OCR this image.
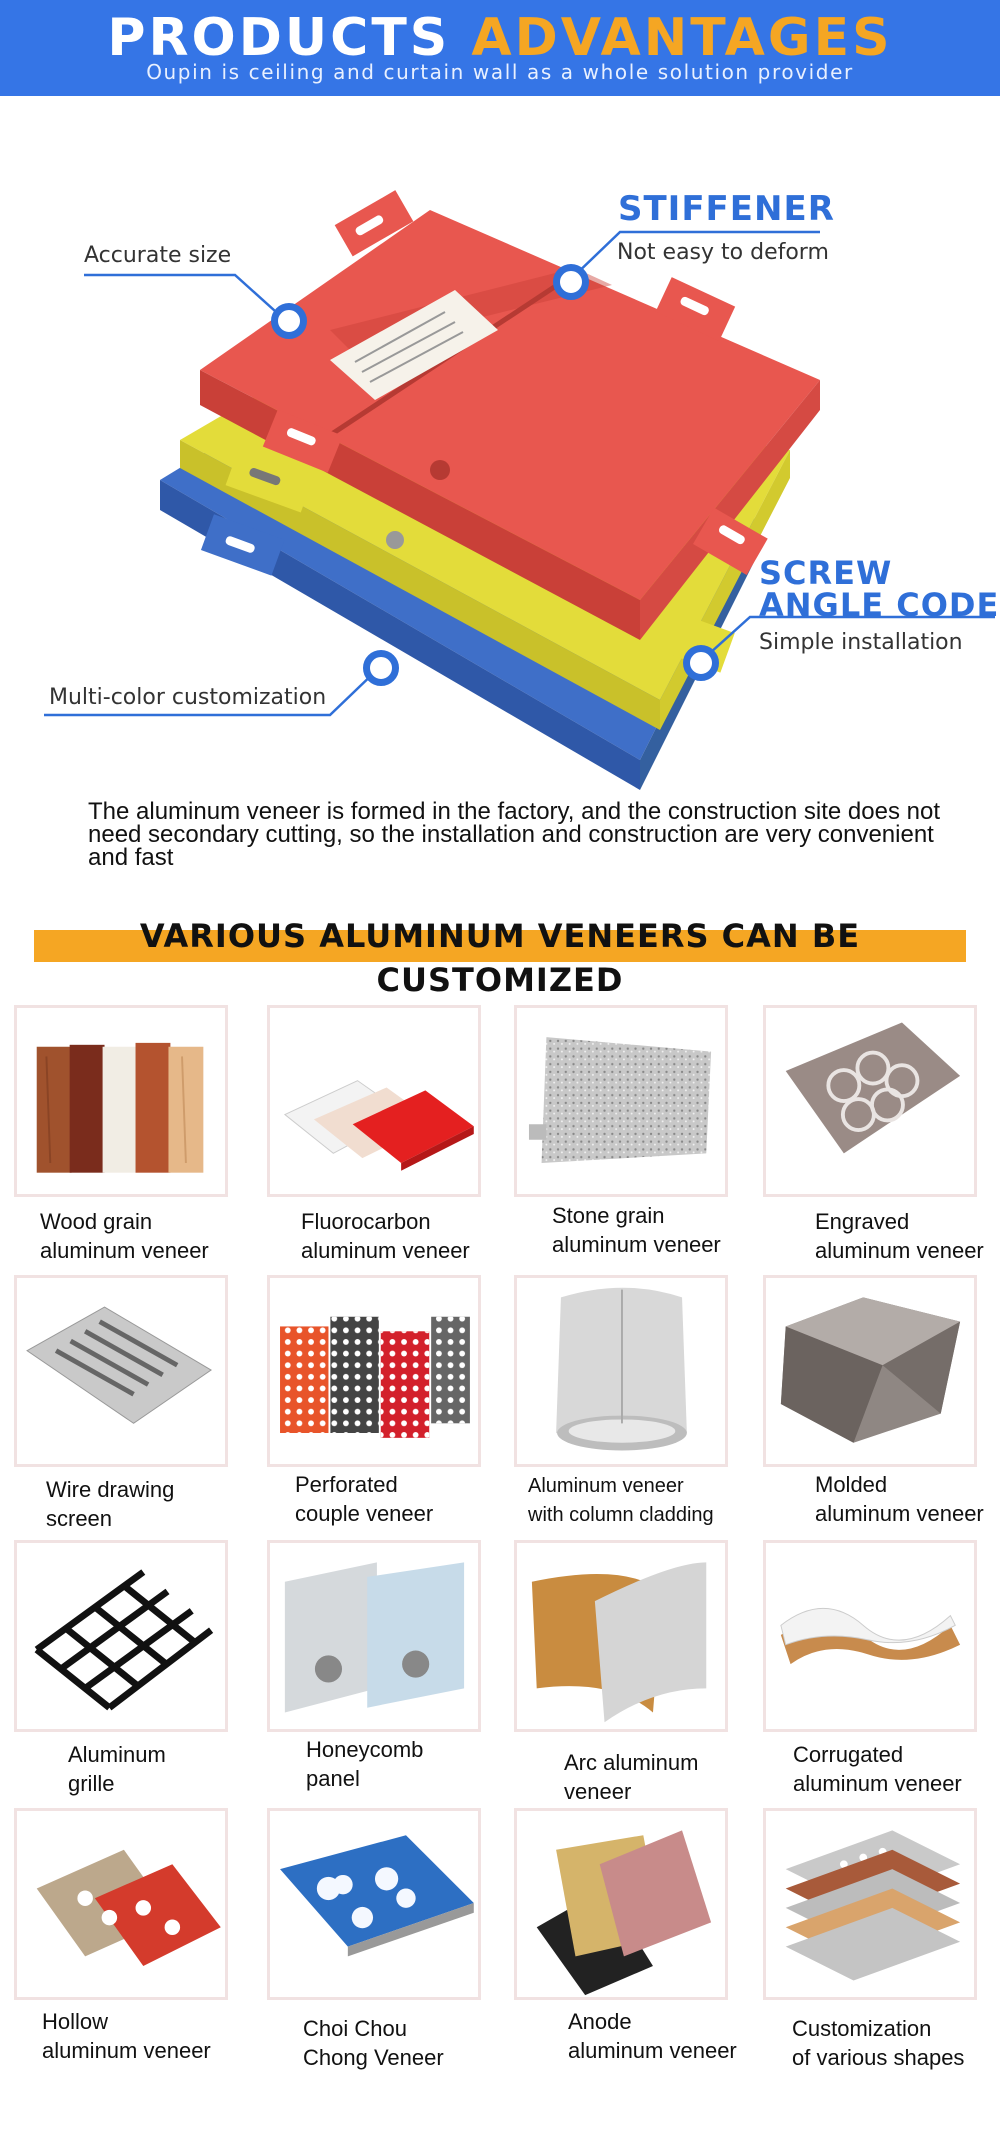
PRODUCTS ADVANTAGES
Oupin is ceiling and curtain wall as a whole solution provider
Accurate size
STIFFENER
Not easy to deform
SCREW
ANGLE CODE
Simple installation
Multi-color customization
The aluminum veneer is formed in the factory, and the construction site does not need secondary cutting, so the installation and construction are very convenient and fast
VARIOUS ALUMINUM VENEERS CAN BE CUSTOMIZED
Wood grain
aluminum veneer
Fluorocarbon
aluminum veneer
Stone grain
aluminum veneer
Engraved
aluminum veneer
Wire drawing
screen
Perforated
couple veneer
Aluminum veneer
with column cladding
Molded
aluminum veneer
Aluminum
grille
Honeycomb
panel
Arc aluminum
veneer
Corrugated
aluminum veneer
Hollow
aluminum veneer
Choi Chou
Chong Veneer
Anode
aluminum veneer
Customization
of various shapes
